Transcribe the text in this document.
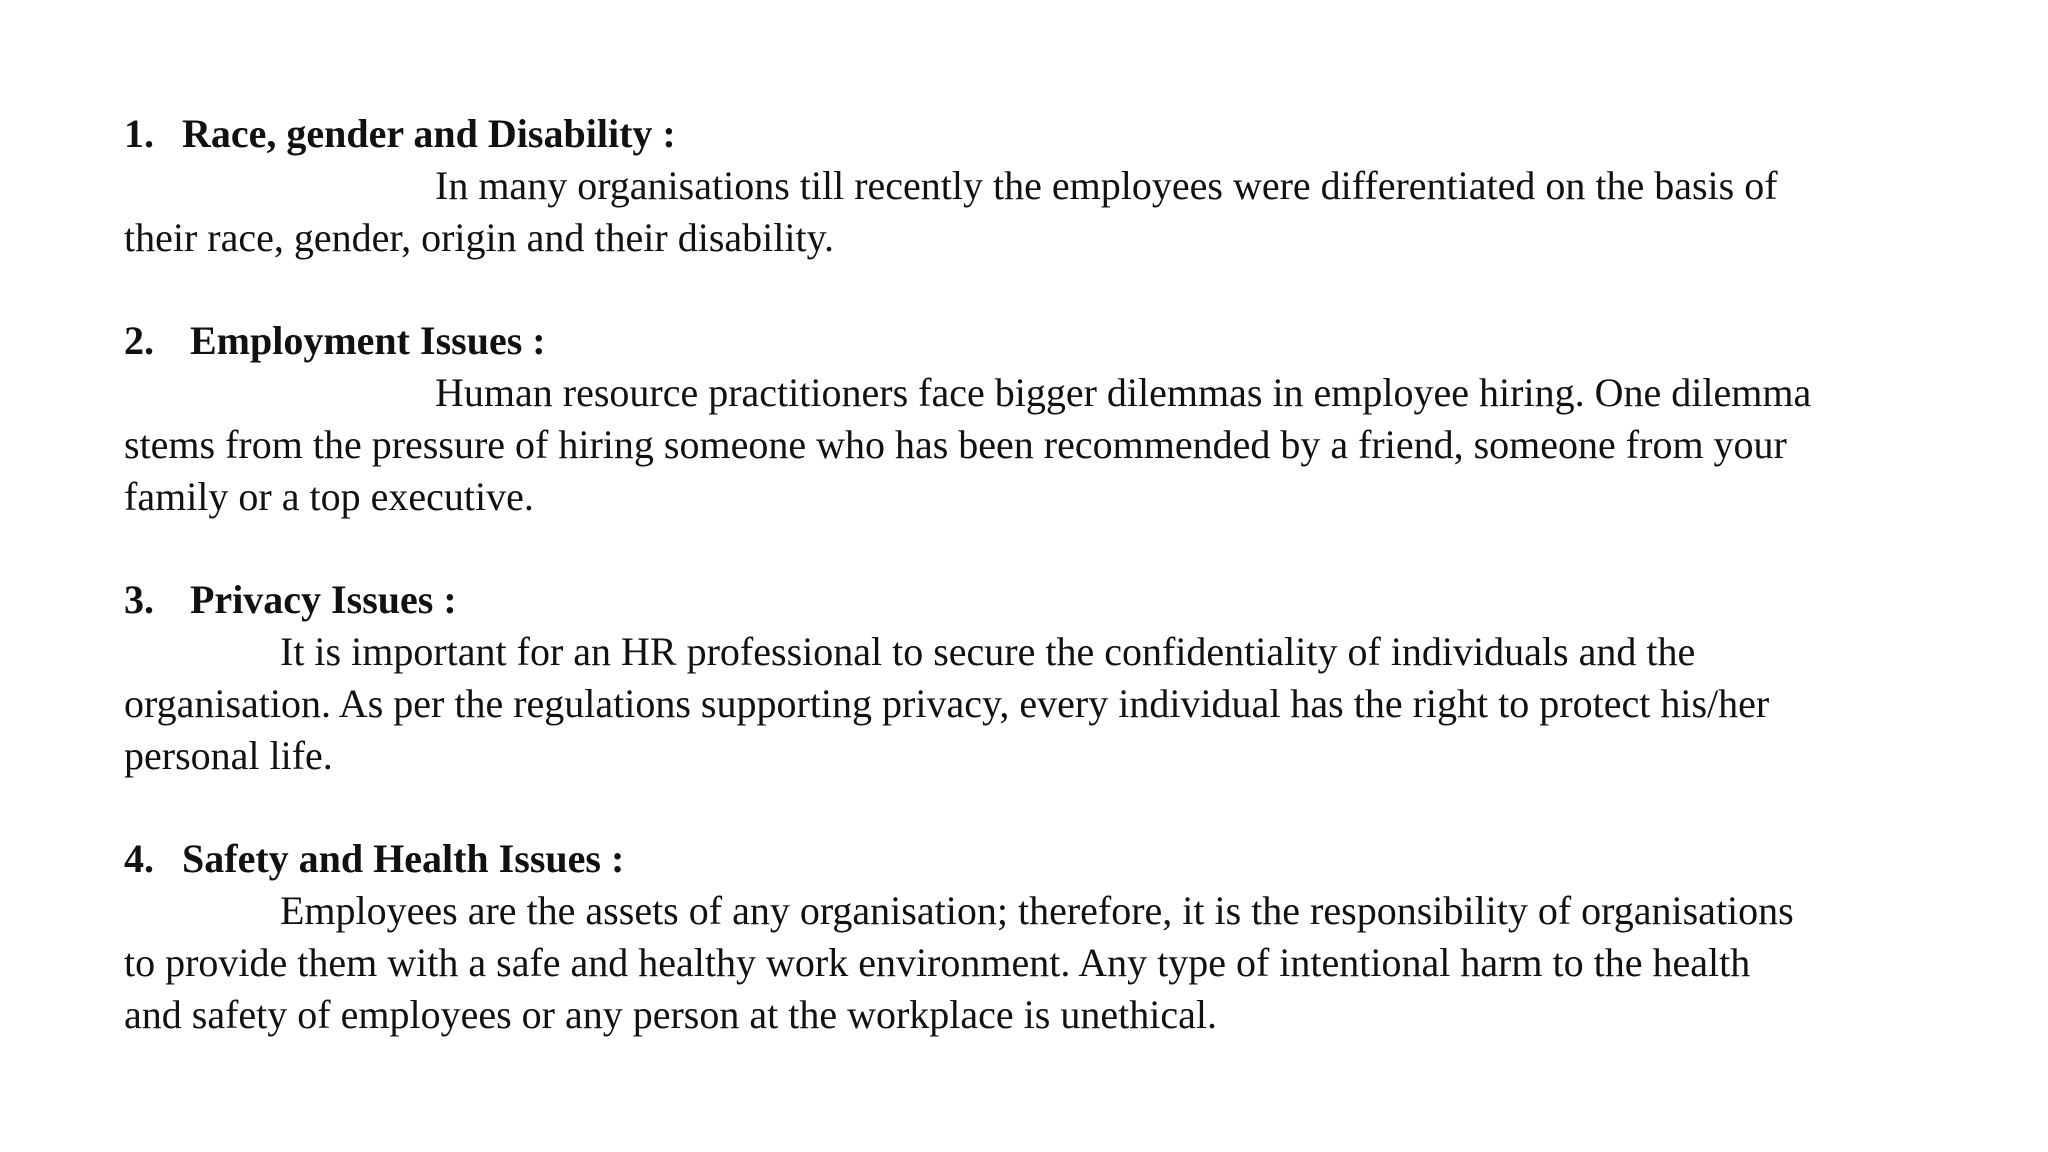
1. Race, gender and Disability :
In many organisations till recently the employees were differentiated on the basis of
their race, gender, origin and their disability.
2. Employment Issues :
Human resource practitioners face bigger dilemmas in employee hiring. One dilemma
stems from the pressure of hiring someone who has been recommended by a friend, someone from your
family or a top executive.
3. Privacy Issues :
It is important for an HR professional to secure the confidentiality of individuals and the
organisation. As per the regulations supporting privacy, every individual has the right to protect his/her
personal life.
4. Safety and Health Issues :
Employees are the assets of any organisation; therefore, it is the responsibility of organisations
to provide them with a safe and healthy work environment. Any type of intentional harm to the health
and safety of employees or any person at the workplace is unethical.
